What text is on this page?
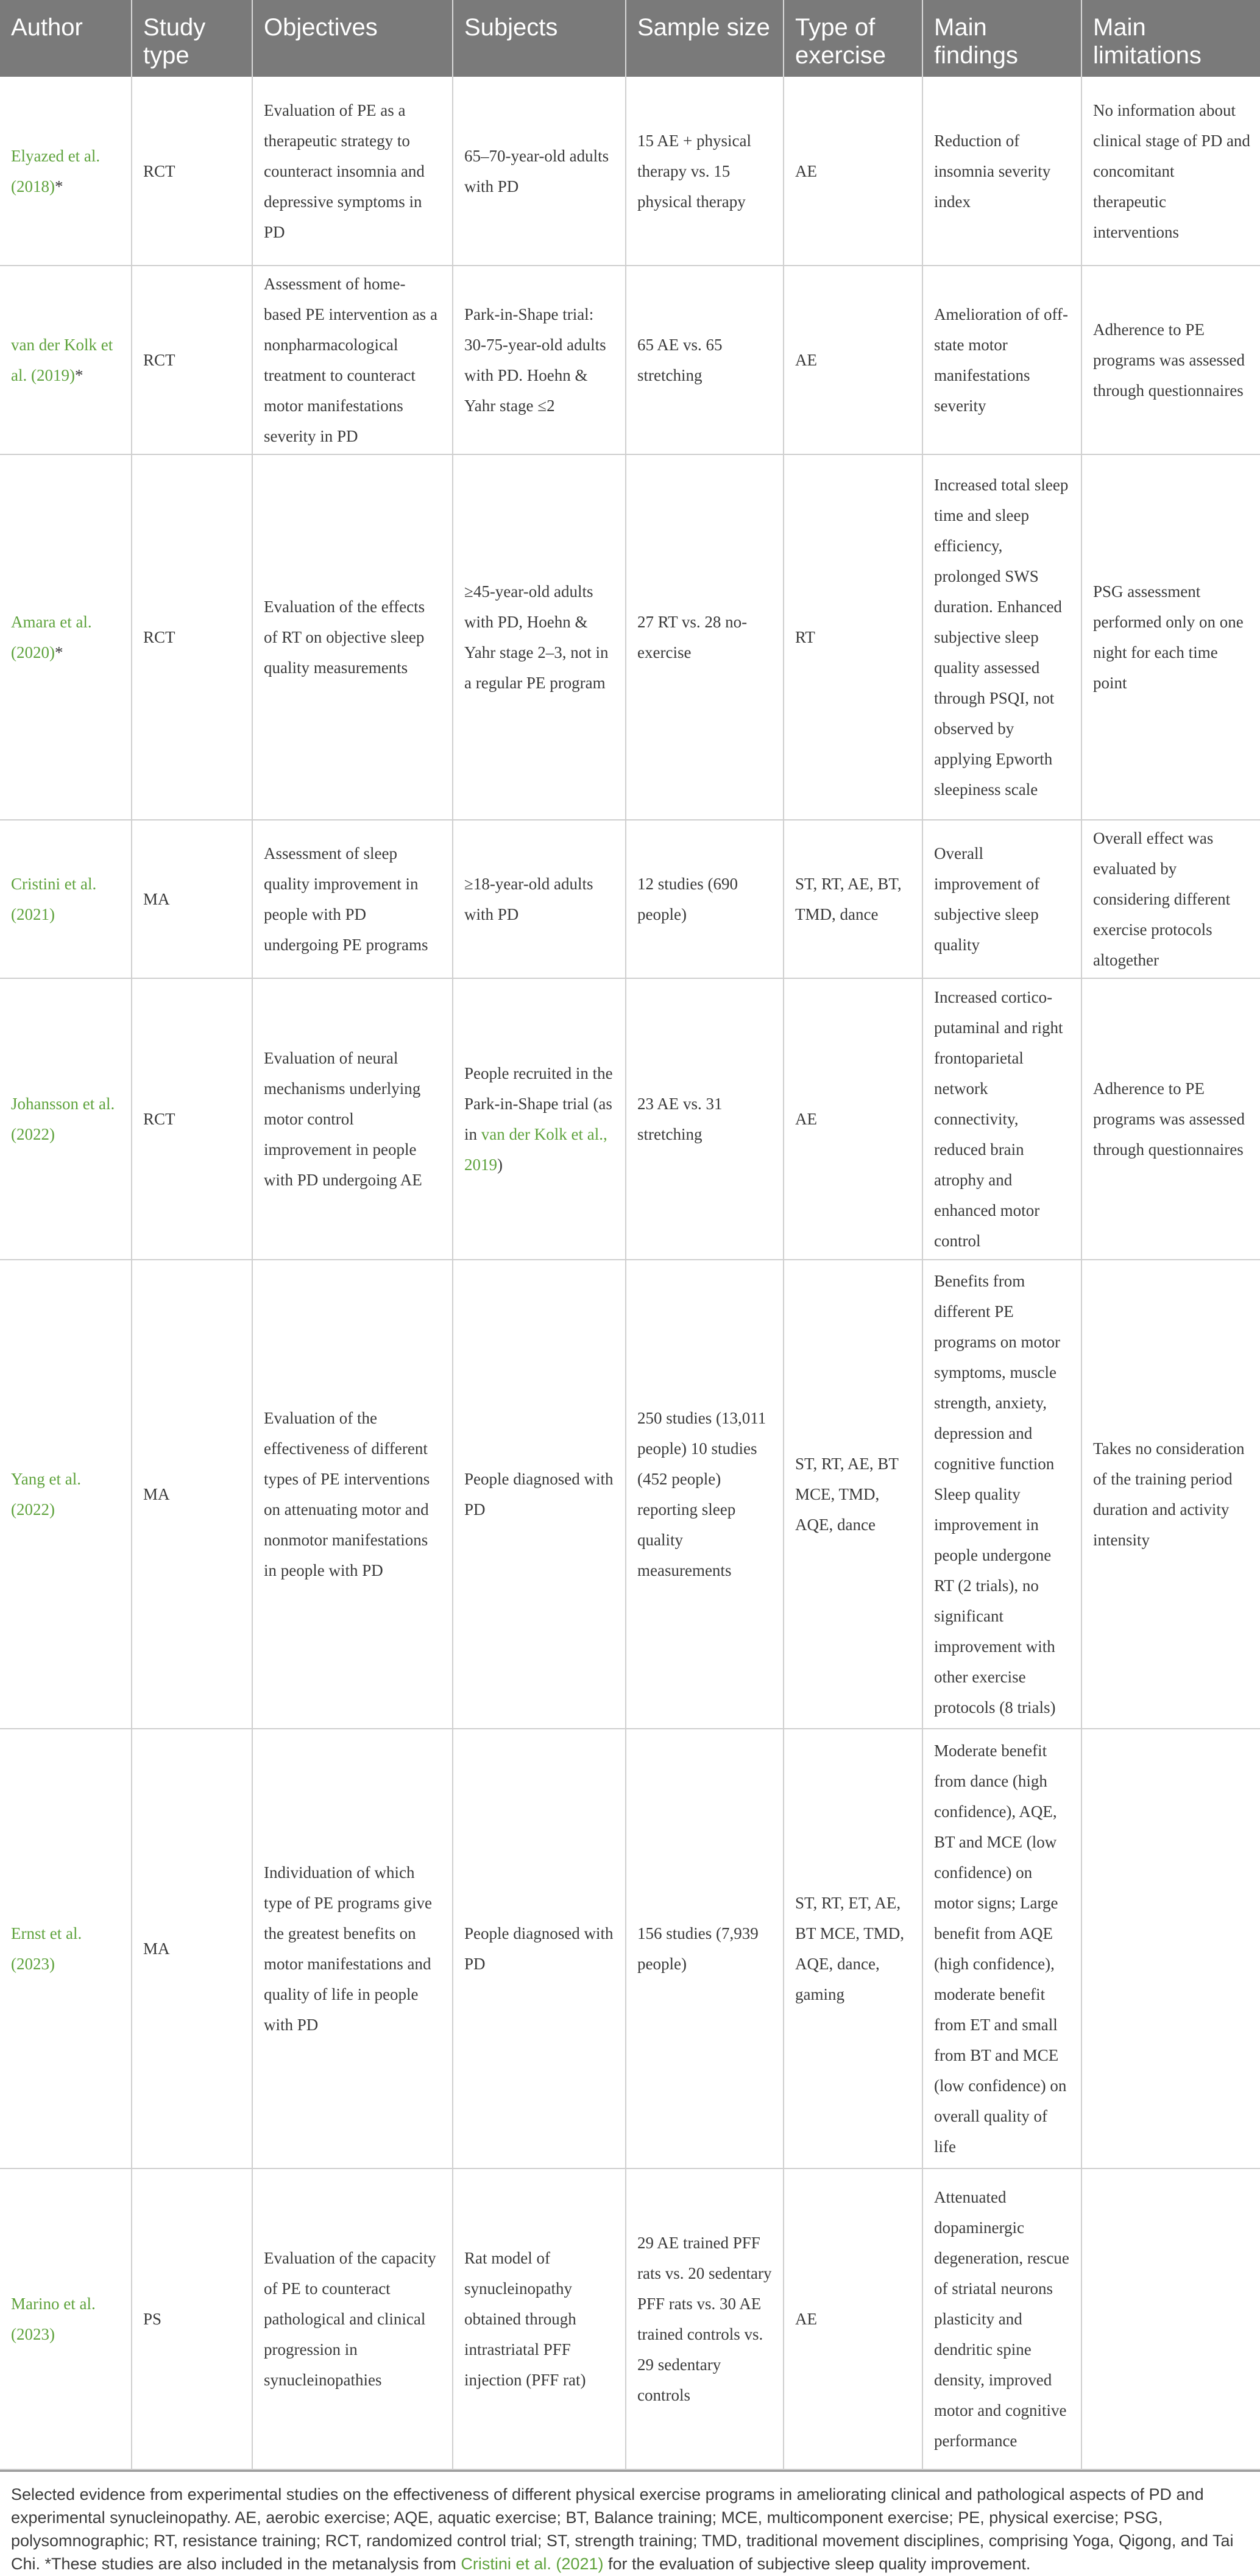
Author	Study type	Objectives	Subjects	Sample size	Type of exercise	Main findings	Main limitations
Elyazed et al. (2018)*	RCT	Evaluation of PE as a therapeutic strategy to counteract insomnia and depressive symptoms in PD	65–70-year-old adults with PD	15 AE + physical therapy vs. 15 physical therapy	AE	Reduction of insomnia severity index	No information about clinical stage of PD and concomitant therapeutic interventions
van der Kolk et al. (2019)*	RCT	Assessment of home-based PE intervention as a nonpharmacological treatment to counteract motor manifestations severity in PD	Park-in-Shape trial: 30-75-year-old adults with PD. Hoehn & Yahr stage ≤2	65 AE vs. 65 stretching	AE	Amelioration of off-state motor manifestations severity	Adherence to PE programs was assessed through questionnaires
Amara et al. (2020)*	RCT	Evaluation of the effects of RT on objective sleep quality measurements	≥45-year-old adults with PD, Hoehn & Yahr stage 2–3, not in a regular PE program	27 RT vs. 28 no-exercise	RT	Increased total sleep time and sleep efficiency, prolonged SWS duration. Enhanced subjective sleep quality assessed through PSQI, not observed by applying Epworth sleepiness scale	PSG assessment performed only on one night for each time point
Cristini et al. (2021)	MA	Assessment of sleep quality improvement in people with PD undergoing PE programs	≥18-year-old adults with PD	12 studies (690 people)	ST, RT, AE, BT, TMD, dance	Overall improvement of subjective sleep quality	Overall effect was evaluated by considering different exercise protocols altogether
Johansson et al. (2022)	RCT	Evaluation of neural mechanisms underlying motor control improvement in people with PD undergoing AE	People recruited in the Park-in-Shape trial (as in van der Kolk et al., 2019)	23 AE vs. 31 stretching	AE	Increased cortico-putaminal and right frontoparietal network connectivity, reduced brain atrophy and enhanced motor control	Adherence to PE programs was assessed through questionnaires
Yang et al. (2022)	MA	Evaluation of the effectiveness of different types of PE interventions on attenuating motor and nonmotor manifestations in people with PD	People diagnosed with PD	250 studies (13,011 people) 10 studies (452 people) reporting sleep quality measurements	ST, RT, AE, BT MCE, TMD, AQE, dance	Benefits from different PE programs on motor symptoms, muscle strength, anxiety, depression and cognitive function Sleep quality improvement in people undergone RT (2 trials), no significant improvement with other exercise protocols (8 trials)	Takes no consideration of the training period duration and activity intensity
Ernst et al. (2023)	MA	Individuation of which type of PE programs give the greatest benefits on motor manifestations and quality of life in people with PD	People diagnosed with PD	156 studies (7,939 people)	ST, RT, ET, AE, BT MCE, TMD, AQE, dance, gaming	Moderate benefit from dance (high confidence), AQE, BT and MCE (low confidence) on motor signs; Large benefit from AQE (high confidence), moderate benefit from ET and small from BT and MCE (low confidence) on overall quality of life	
Marino et al. (2023)	PS	Evaluation of the capacity of PE to counteract pathological and clinical progression in synucleinopathies	Rat model of synucleinopathy obtained through intrastriatal PFF injection (PFF rat)	29 AE trained PFF rats vs. 20 sedentary PFF rats vs. 30 AE trained controls vs. 29 sedentary controls	AE	Attenuated dopaminergic degeneration, rescue of striatal neurons plasticity and dendritic spine density, improved motor and cognitive performance	
Selected evidence from experimental studies on the effectiveness of different physical exercise programs in ameliorating clinical and pathological aspects of PD and experimental synucleinopathy. AE, aerobic exercise; AQE, aquatic exercise; BT, Balance training; MCE, multicomponent exercise; PE, physical exercise; PSG, polysomnographic; RT, resistance training; RCT, randomized control trial; ST, strength training; TMD, traditional movement disciplines, comprising Yoga, Qigong, and Tai Chi. *These studies are also included in the metanalysis from Cristini et al. (2021) for the evaluation of subjective sleep quality improvement.
